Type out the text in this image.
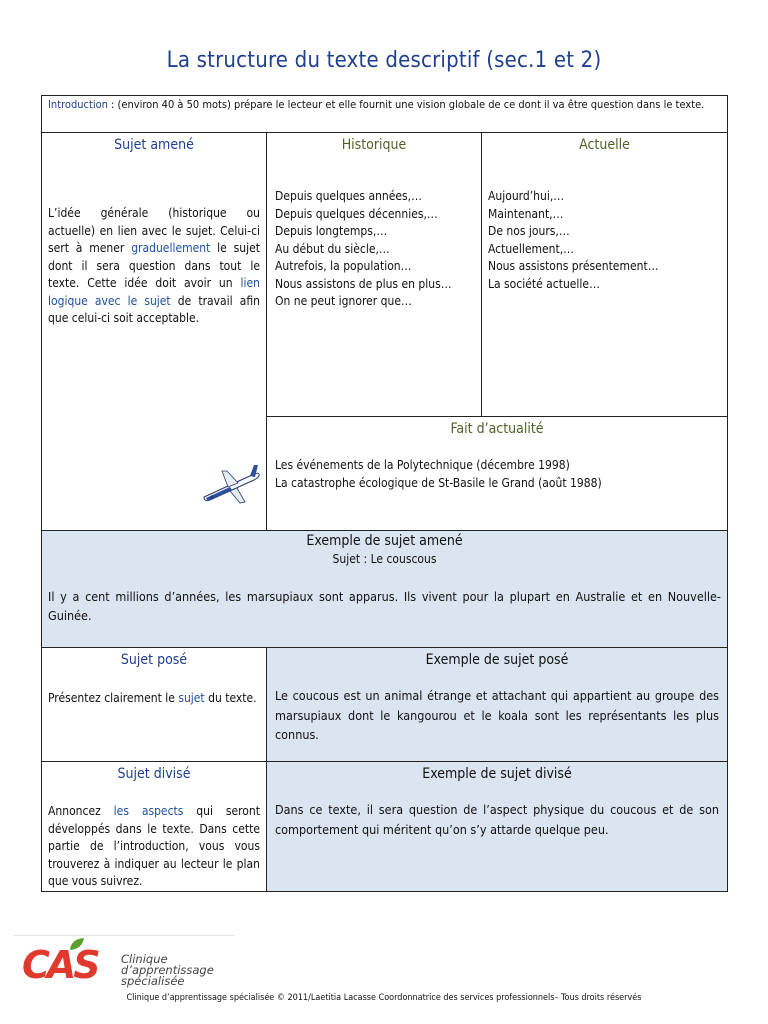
La structure du texte descriptif (sec.1 et 2)
Introduction : (environ 40 à 50 mots) prépare le lecteur et elle fournit une vision globale de ce dont il va être question dans le texte.
Sujet amené
L’idée générale (historique ou actuelle) en lien avec le sujet. Celui-ci sert à mener graduellement le sujet dont il sera question dans tout le texte. Cette idée doit avoir un lien logique avec le sujet de travail afin que celui-ci soit acceptable.
Historique
Depuis quelques années,…
Depuis quelques décennies,…
Depuis longtemps,…
Au début du siècle,…
Autrefois, la population…
Nous assistons de plus en plus…
On ne peut ignorer que…
Actuelle
Aujourd’hui,…
Maintenant,…
De nos jours,…
Actuellement,…
Nous assistons présentement…
La société actuelle…
Fait d’actualité
Les événements de la Polytechnique (décembre 1998)
La catastrophe écologique de St-Basile le Grand (août 1988)
Exemple de sujet amené
Sujet : Le couscous
Il y a cent millions d’années, les marsupiaux sont apparus. Ils vivent pour la plupart en Australie et en Nouvelle-Guinée.
Sujet posé
Présentez clairement le sujet du texte.
Exemple de sujet posé
Le coucous est un animal étrange et attachant qui appartient au groupe des marsupiaux dont le kangourou et le koala sont les représentants les plus connus.
Sujet divisé
Annoncez les aspects qui seront développés dans le texte. Dans cette partie de l’introduction, vous vous trouverez à indiquer au lecteur le plan que vous suivrez.
Exemple de sujet divisé
Dans ce texte, il sera question de l’aspect physique du coucous et de son comportement qui méritent qu’on s’y attarde quelque peu.
CAS Clinique
d’apprentissage
spécialisée
Clinique d’apprentissage spécialisée © 2011/Laetitia Lacasse Coordonnatrice des services professionnels– Tous droits réservés
